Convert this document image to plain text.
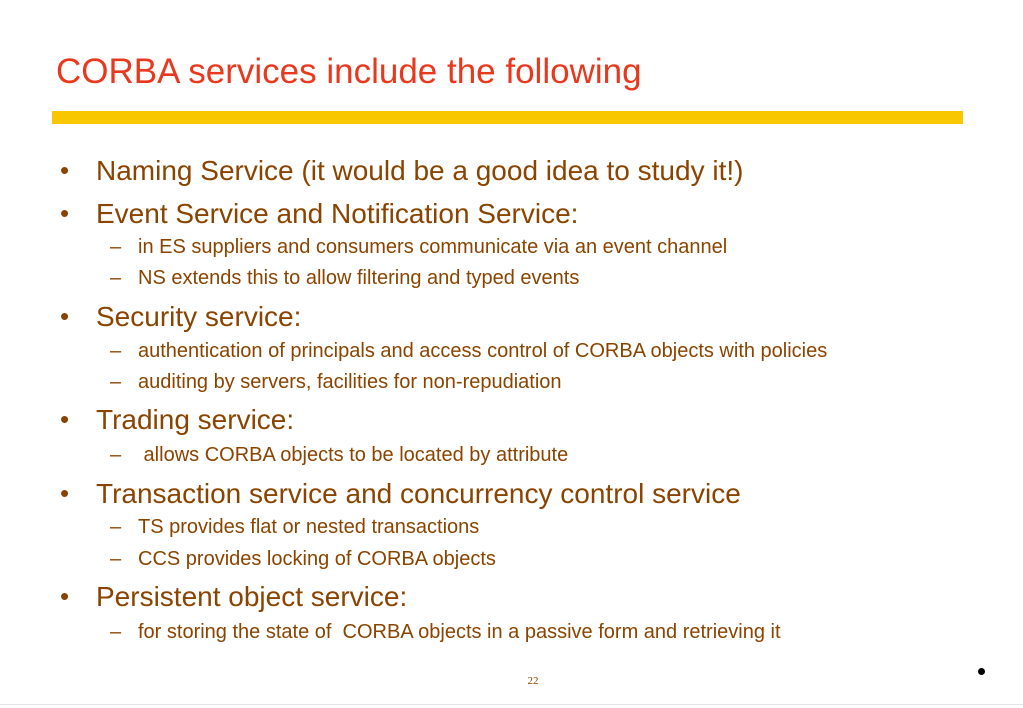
CORBA services include the following
• Naming Service (it would be a good idea to study it!)
• Event Service and Notification Service:
– in ES suppliers and consumers communicate via an event channel
– NS extends this to allow filtering and typed events
• Security service:
– authentication of principals and access control of CORBA objects with policies
– auditing by servers, facilities for non-repudiation
• Trading service:
– allows CORBA objects to be located by attribute
• Transaction service and concurrency control service
– TS provides flat or nested transactions
– CCS provides locking of CORBA objects
• Persistent object service:
– for storing the state of  CORBA objects in a passive form and retrieving it
22
